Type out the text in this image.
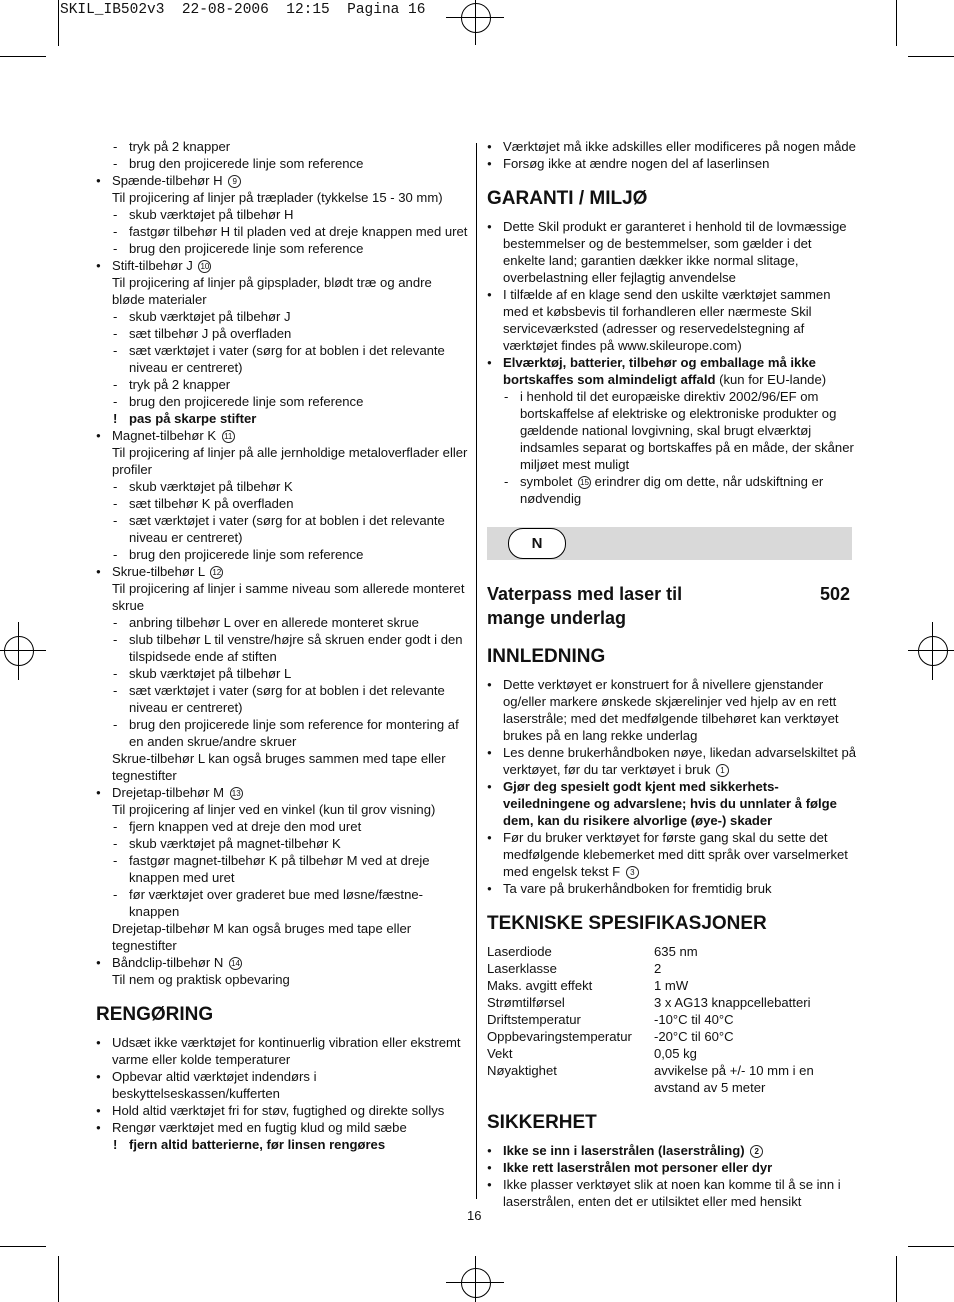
SKIL_IB502v3  22-08-2006  12:15  Pagina 16
- tryk på 2 knapper
- brug den projicerede linje som reference
● Spænde-tilbehør H 9
Til projicering af linjer på træplader (tykkelse 15 - 30 mm)
- skub værktøjet på tilbehør H
- fastgør tilbehør H til pladen ved at dreje knappen med uret
- brug den projicerede linje som reference
● Stift-tilbehør J 10
Til projicering af linjer på gipsplader, blødt træ og andre bløde materialer
- skub værktøjet på tilbehør J
- sæt tilbehør J på overfladen
- sæt værktøjet i vater (sørg for at boblen i det relevante niveau er centreret)
- tryk på 2 knapper
- brug den projicerede linje som reference
! pas på skarpe stifter
● Magnet-tilbehør K 11
Til projicering af linjer på alle jernholdige metaloverflader eller profiler
- skub værktøjet på tilbehør K
- sæt tilbehør K på overfladen
- sæt værktøjet i vater (sørg for at boblen i det relevante niveau er centreret)
- brug den projicerede linje som reference
● Skrue-tilbehør L 12
Til projicering af linjer i samme niveau som allerede monteret skrue
- anbring tilbehør L over en allerede monteret skrue
- slub tilbehør L til venstre/højre så skruen ender godt i den tilspidsede ende af stiften
- skub værktøjet på tilbehør L
- sæt værktøjet i vater (sørg for at boblen i det relevante niveau er centreret)
- brug den projicerede linje som reference for montering af en anden skrue/andre skruer
Skrue-tilbehør L kan også bruges sammen med tape eller tegnestifter
● Drejetap-tilbehør M 13
Til projicering af linjer ved en vinkel (kun til grov visning)
- fjern knappen ved at dreje den mod uret
- skub værktøjet på magnet-tilbehør K
- fastgør magnet-tilbehør K på tilbehør M ved at dreje knappen med uret
- før værktøjet over graderet bue med løsne/fæstne-knappen
Drejetap-tilbehør M kan også bruges med tape eller tegnestifter
● Båndclip-tilbehør N 14
Til nem og praktisk opbevaring
RENGØRING
● Udsæt ikke værktøjet for kontinuerlig vibration eller ekstremt varme eller kolde temperaturer
● Opbevar altid værktøjet indendørs i beskyttelseskassen/kufferten
● Hold altid værktøjet fri for støv, fugtighed og direkte sollys
● Rengør værktøjet med en fugtig klud og mild sæbe
! fjern altid batterierne, før linsen rengøres
● Værktøjet må ikke adskilles eller modificeres på nogen måde
● Forsøg ikke at ændre nogen del af laserlinsen
GARANTI / MILJØ
● Dette Skil produkt er garanteret i henhold til de lovmæssige bestemmelser og de bestemmelser, som gælder i det enkelte land; garantien dækker ikke normal slitage, overbelastning eller fejlagtig anvendelse
● I tilfælde af en klage send den uskilte værktøjet sammen med et købsbevis til forhandleren eller nærmeste Skil serviceværksted (adresser og reservedelstegning af værktøjet findes på www.skileurope.com)
● Elværktøj, batterier, tilbehør og emballage må ikke bortskaffes som almindeligt affald (kun for EU-lande)
- i henhold til det europæiske direktiv 2002/96/EF om bortskaffelse af elektriske og elektroniske produkter og gældende national lovgivning, skal brugt elværktøj indsamles separat og bortskaffes på en måde, der skåner miljøet mest muligt
- symbolet 15 erindrer dig om dette, når udskiftning er nødvendig
N
Vaterpass med laser til mange underlag
502
INNLEDNING
● Dette verktøyet er konstruert for å nivellere gjenstander og/eller markere ønskede skjærelinjer ved hjelp av en rett laserstråle; med det medfølgende tilbehøret kan verktøyet brukes på en lang rekke underlag
● Les denne brukerhåndboken nøye, likedan advarselskiltet på verktøyet, før du tar verktøyet i bruk 1
● Gjør deg spesielt godt kjent med sikkerhets-veiledningene og advarslene; hvis du unnlater å følge dem, kan du risikere alvorlige (øye-) skader
● Før du bruker verktøyet for første gang skal du sette det medfølgende klebemerket med ditt språk over varselmerket med engelsk tekst F 3
● Ta vare på brukerhåndboken for fremtidig bruk
TEKNISKE SPESIFIKASJONER
Laserdiode	635 nm
Laserklasse	2
Maks. avgitt effekt	1 mW
Strømtilførsel	3 x AG13 knappcellebatteri
Driftstemperatur	-10°C til 40°C
Oppbevaringstemperatur	-20°C til 60°C
Vekt	0,05 kg
Nøyaktighet	avvikelse på +/- 10 mm i en avstand av 5 meter
SIKKERHET
● Ikke se inn i laserstrålen (laserstråling) 2
● Ikke rett laserstrålen mot personer eller dyr
● Ikke plasser verktøyet slik at noen kan komme til å se inn i laserstrålen, enten det er utilsiktet eller med hensikt
16
